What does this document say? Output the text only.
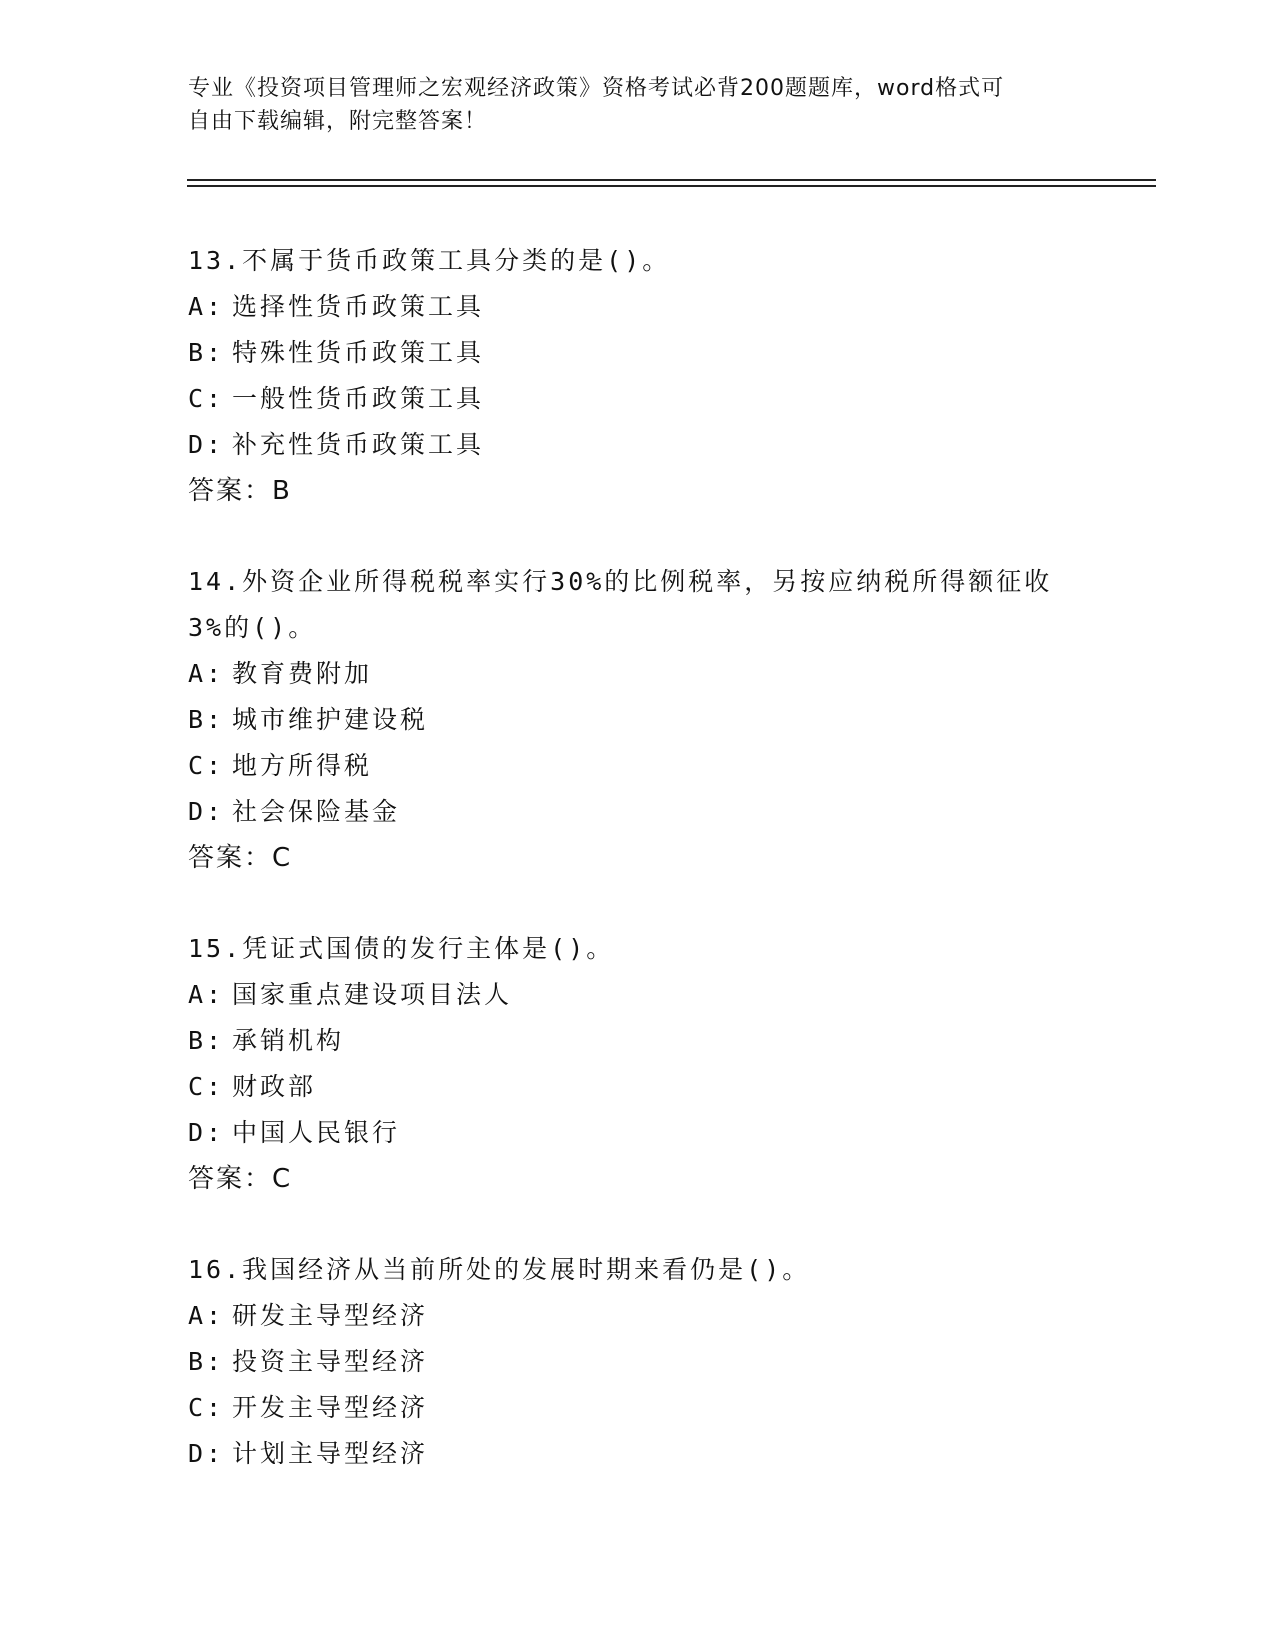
专业《投资项目管理师之宏观经济政策》资格考试必背200题题库，word格式可
自由下载编辑，附完整答案！
13.不属于货币政策工具分类的是()。
A: 选择性货币政策工具
B: 特殊性货币政策工具
C: 一般性货币政策工具
D: 补充性货币政策工具
答案：B
14.外资企业所得税税率实行30%的比例税率，另按应纳税所得额征收3%的()。
A: 教育费附加
B: 城市维护建设税
C: 地方所得税
D: 社会保险基金
答案：C
15.凭证式国债的发行主体是()。
A: 国家重点建设项目法人
B: 承销机构
C: 财政部
D: 中国人民银行
答案：C
16.我国经济从当前所处的发展时期来看仍是()。
A: 研发主导型经济
B: 投资主导型经济
C: 开发主导型经济
D: 计划主导型经济
